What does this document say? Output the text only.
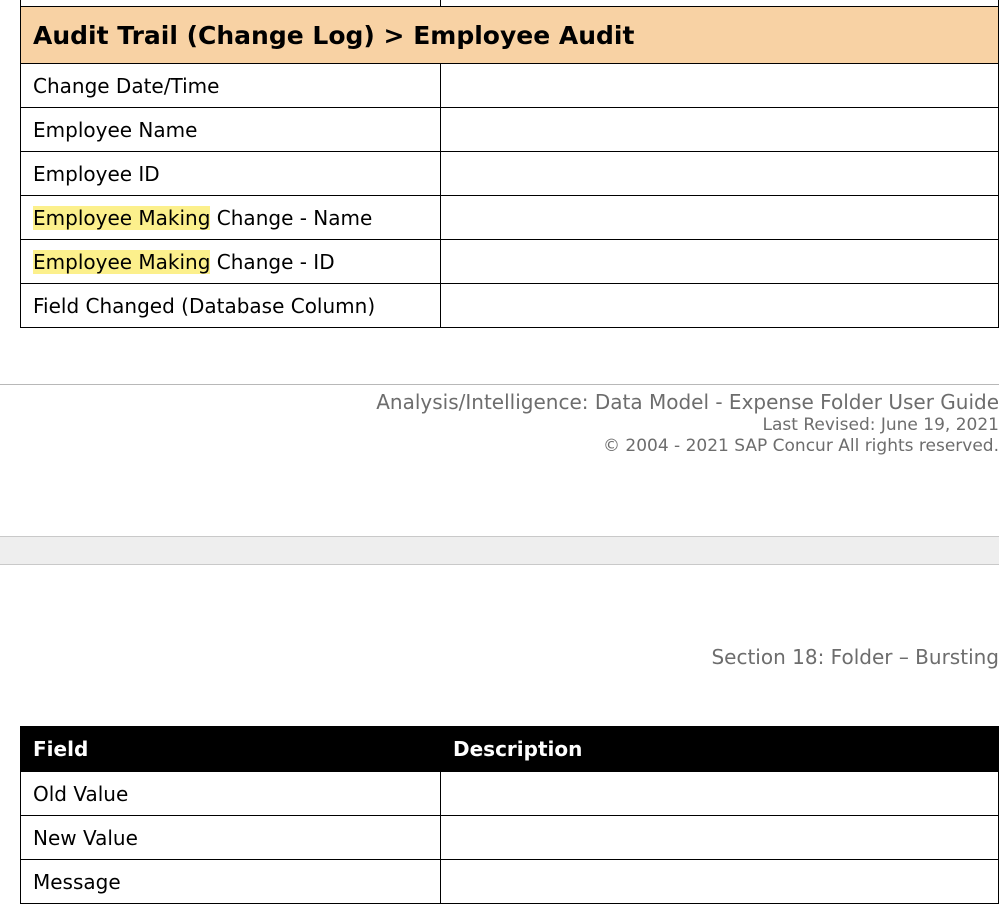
Audit Trail (Change Log) > Employee Audit	
Change Date/Time	
Employee Name	
Employee ID	
Employee Making Change - Name	
Employee Making Change - ID	
Field Changed (Database Column)	
Analysis/Intelligence: Data Model - Expense Folder User Guide
Last Revised: June 19, 2021
© 2004 - 2021 SAP Concur All rights reserved.
Section 18: Folder – Bursting
Field	Description
Old Value	
New Value	
Message	
